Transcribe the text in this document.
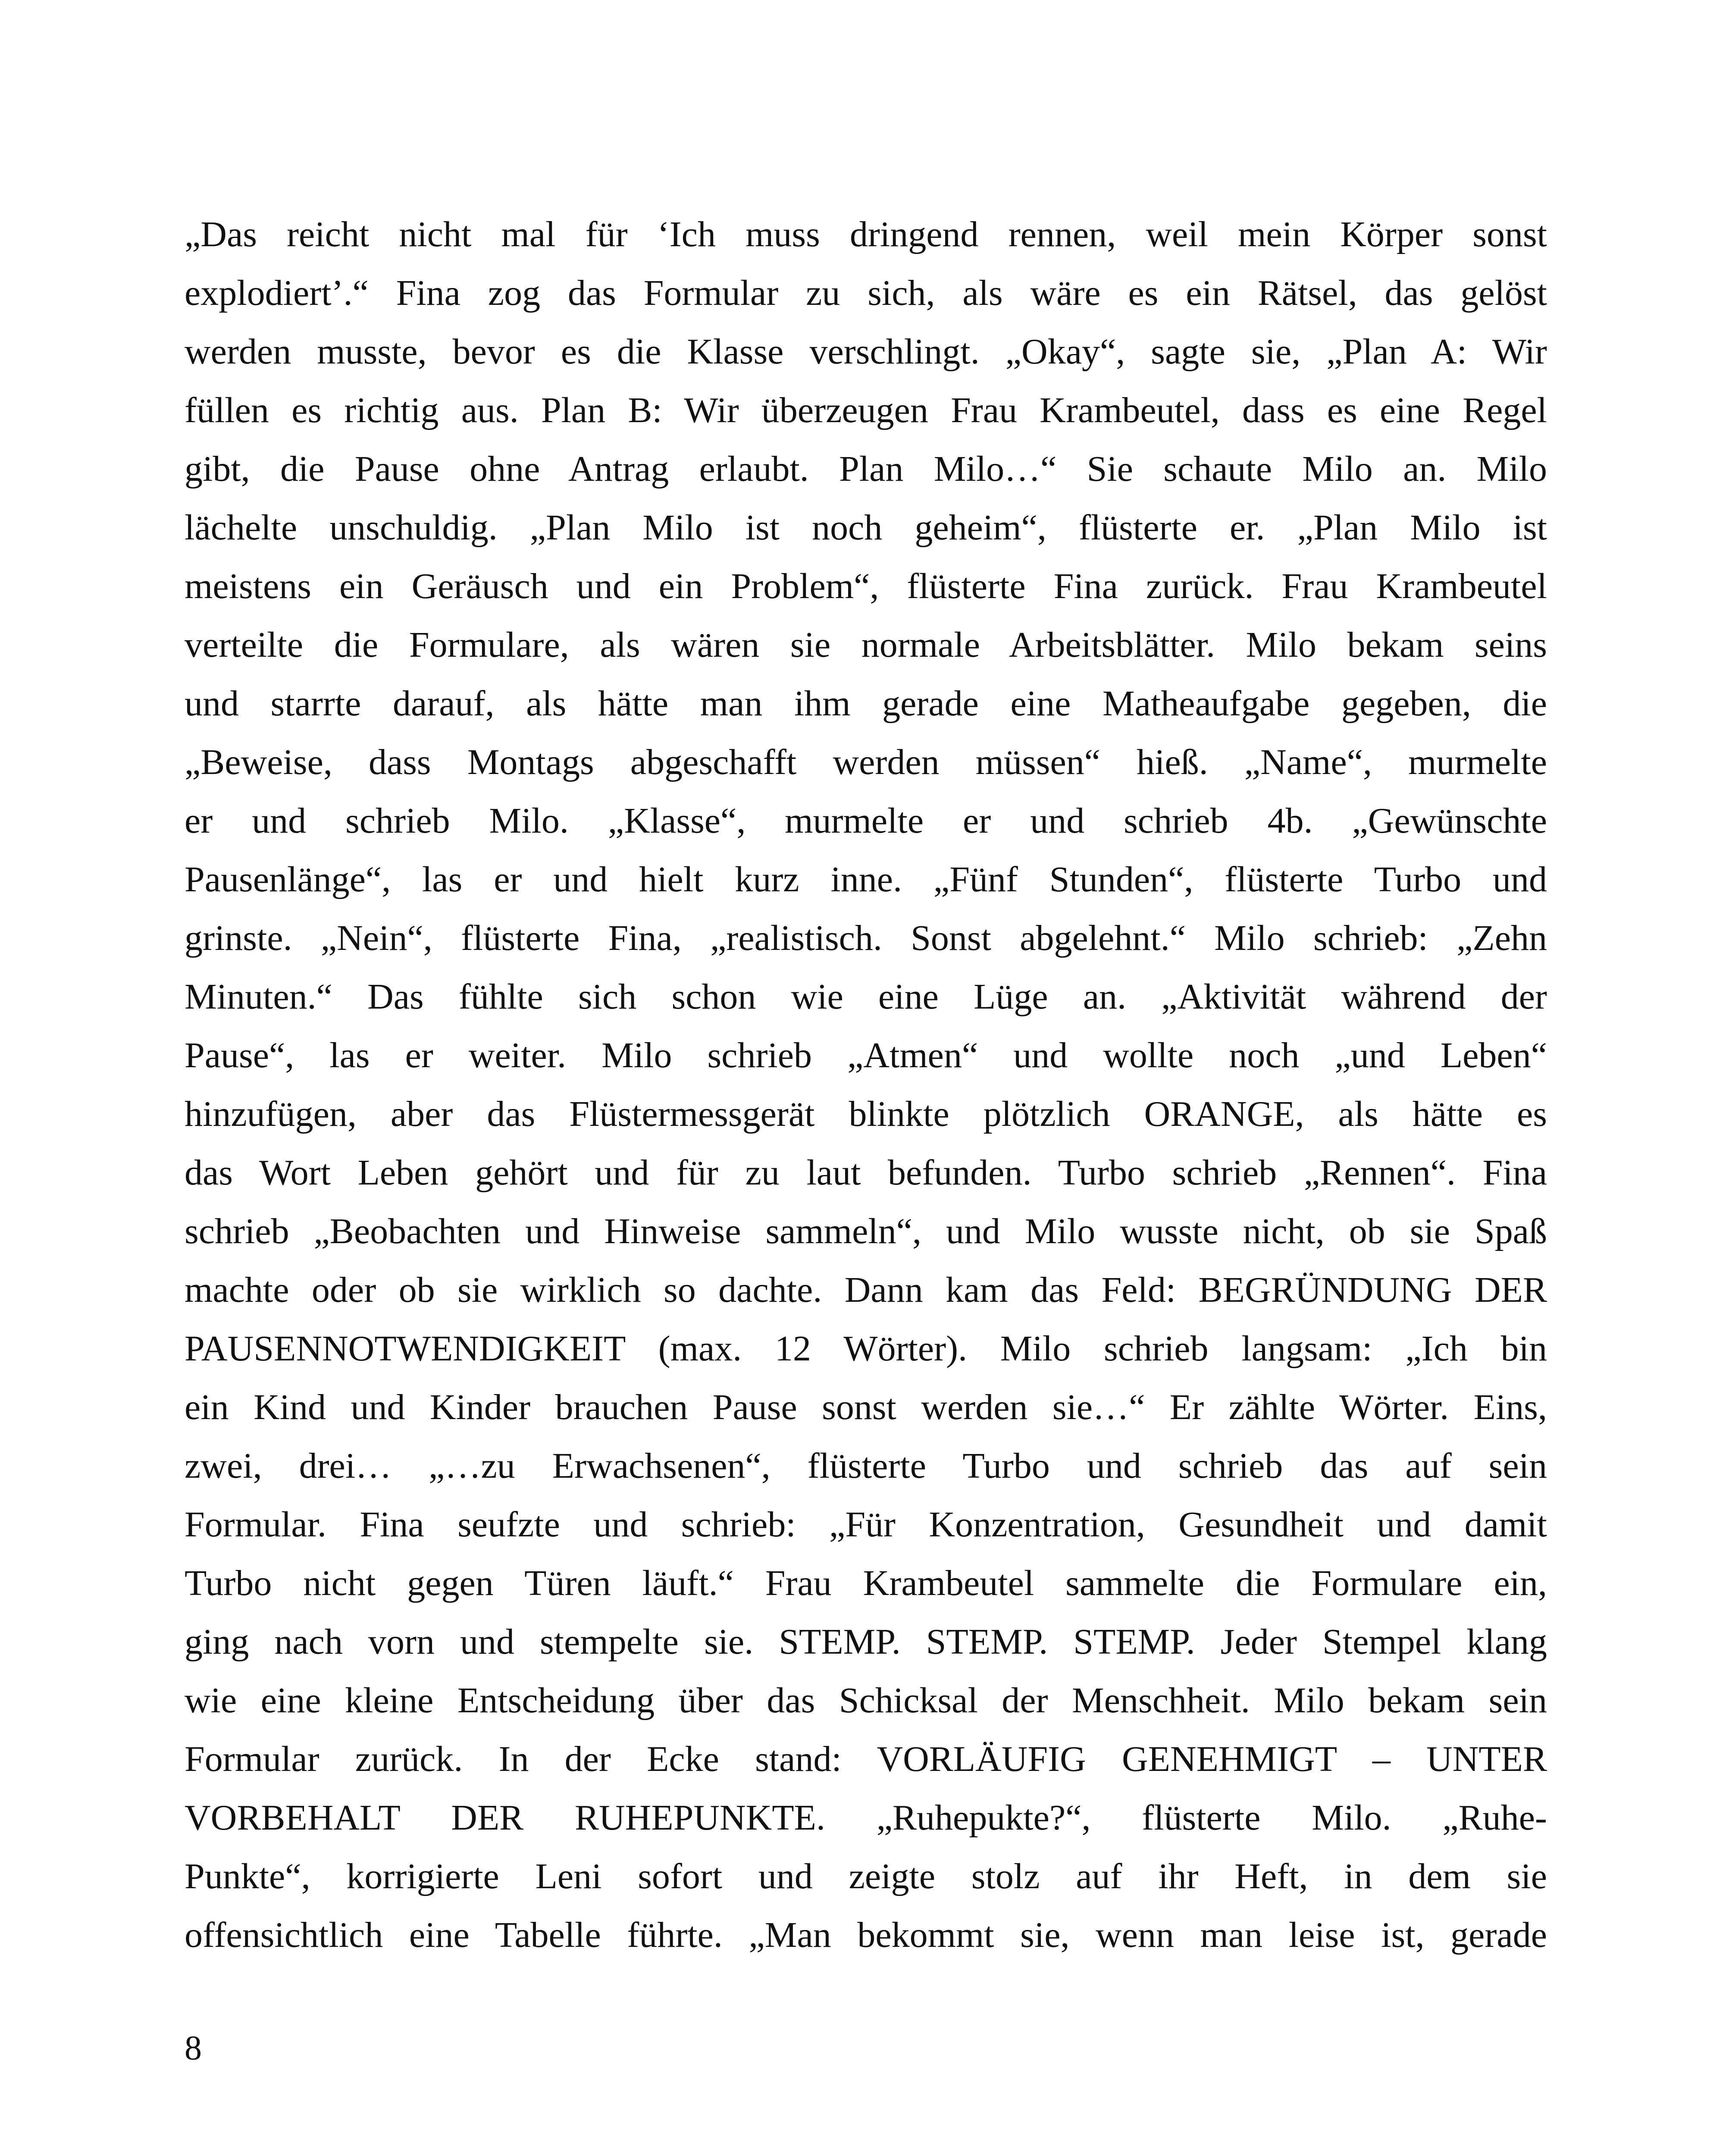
„Das reicht nicht mal für ‘Ich muss dringend rennen, weil mein Körper sonst
explodiert’.“ Fina zog das Formular zu sich, als wäre es ein Rätsel, das gelöst
werden musste, bevor es die Klasse verschlingt. „Okay“, sagte sie, „Plan A: Wir
füllen es richtig aus. Plan B: Wir überzeugen Frau Krambeutel, dass es eine Regel
gibt, die Pause ohne Antrag erlaubt. Plan Milo…“ Sie schaute Milo an. Milo
lächelte unschuldig. „Plan Milo ist noch geheim“, flüsterte er. „Plan Milo ist
meistens ein Geräusch und ein Problem“, flüsterte Fina zurück. Frau Krambeutel
verteilte die Formulare, als wären sie normale Arbeitsblätter. Milo bekam seins
und starrte darauf, als hätte man ihm gerade eine Matheaufgabe gegeben, die
„Beweise, dass Montags abgeschafft werden müssen“ hieß. „Name“, murmelte
er und schrieb Milo. „Klasse“, murmelte er und schrieb 4b. „Gewünschte
Pausenlänge“, las er und hielt kurz inne. „Fünf Stunden“, flüsterte Turbo und
grinste. „Nein“, flüsterte Fina, „realistisch. Sonst abgelehnt.“ Milo schrieb: „Zehn
Minuten.“ Das fühlte sich schon wie eine Lüge an. „Aktivität während der
Pause“, las er weiter. Milo schrieb „Atmen“ und wollte noch „und Leben“
hinzufügen, aber das Flüstermessgerät blinkte plötzlich ORANGE, als hätte es
das Wort Leben gehört und für zu laut befunden. Turbo schrieb „Rennen“. Fina
schrieb „Beobachten und Hinweise sammeln“, und Milo wusste nicht, ob sie Spaß
machte oder ob sie wirklich so dachte. Dann kam das Feld: BEGRÜNDUNG DER
PAUSENNOTWENDIGKEIT (max. 12 Wörter). Milo schrieb langsam: „Ich bin
ein Kind und Kinder brauchen Pause sonst werden sie…“ Er zählte Wörter. Eins,
zwei, drei… „…zu Erwachsenen“, flüsterte Turbo und schrieb das auf sein
Formular. Fina seufzte und schrieb: „Für Konzentration, Gesundheit und damit
Turbo nicht gegen Türen läuft.“ Frau Krambeutel sammelte die Formulare ein,
ging nach vorn und stempelte sie. STEMP. STEMP. STEMP. Jeder Stempel klang
wie eine kleine Entscheidung über das Schicksal der Menschheit. Milo bekam sein
Formular zurück. In der Ecke stand: VORLÄUFIG GENEHMIGT – UNTER
VORBEHALT DER RUHEPUNKTE. „Ruhepukte?“, flüsterte Milo. „Ruhe-
Punkte“, korrigierte Leni sofort und zeigte stolz auf ihr Heft, in dem sie
offensichtlich eine Tabelle führte. „Man bekommt sie, wenn man leise ist, gerade
8
